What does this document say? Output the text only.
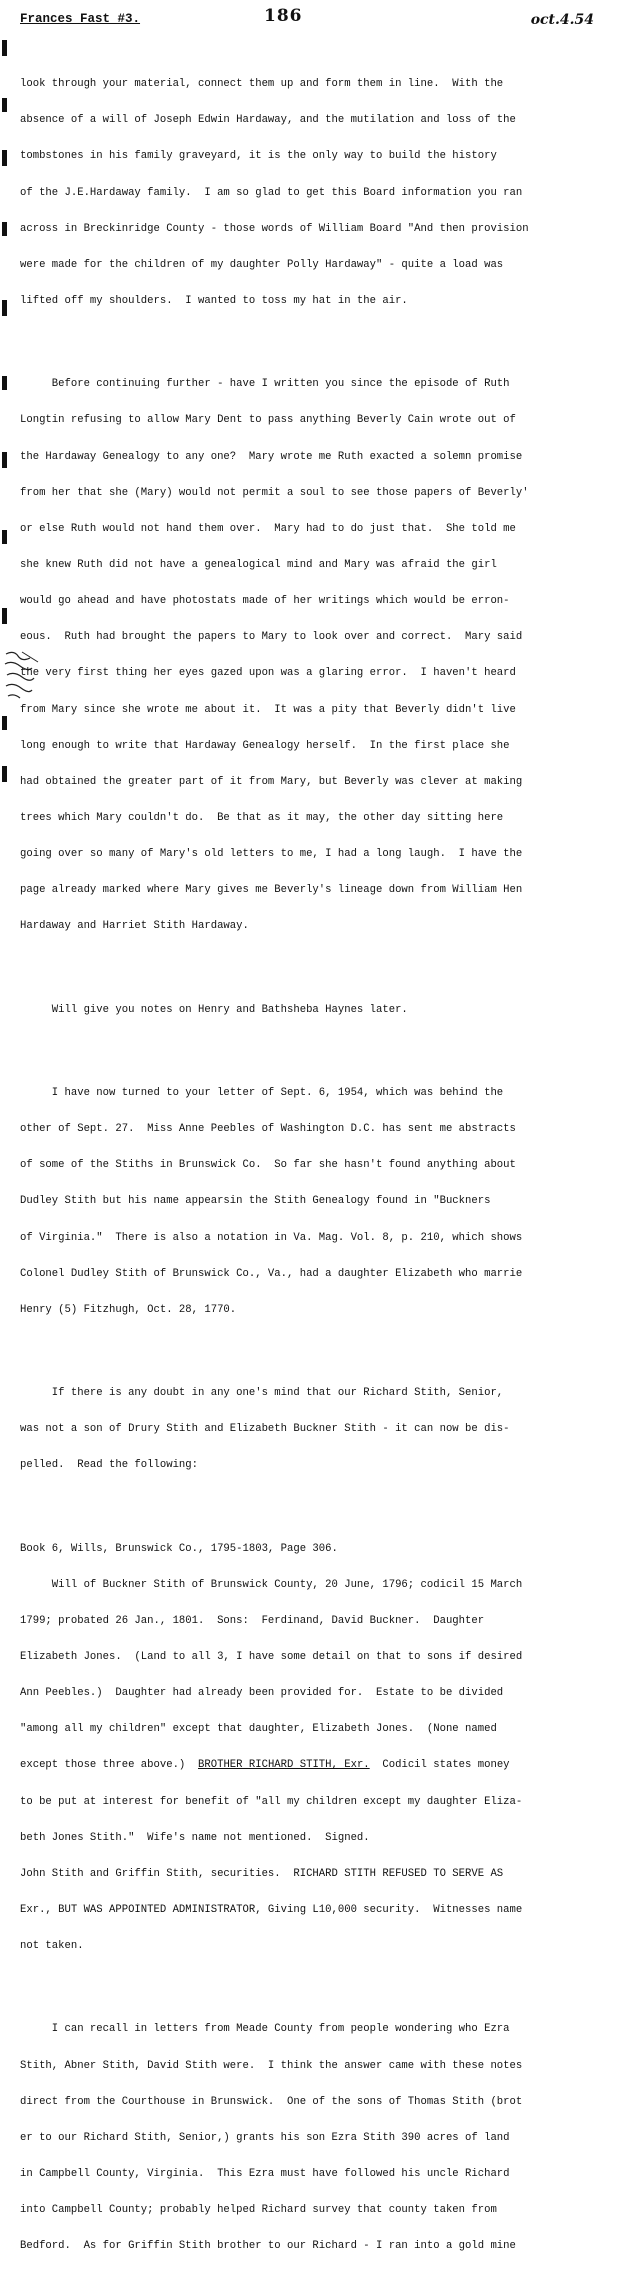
Frances Fast #3.	186	oct.4.54

look through your material, connect them up and form them in line.  With the

absence of a will of Joseph Edwin Hardaway, and the mutilation and loss of the

tombstones in his family graveyard, it is the only way to build the history

of the J.E.Hardaway family.  I am so glad to get this Board information you ran

across in Breckinridge County - those words of William Board "And then provision

were made for the children of my daughter Polly Hardaway" - quite a load was

lifted off my shoulders.  I wanted to toss my hat in the air.

Before continuing further - have I written you since the episode of Ruth

Longtin refusing to allow Mary Dent to pass anything Beverly Cain wrote out of

the Hardaway Genealogy to any one?  Mary wrote me Ruth exacted a solemn promise

from her that she (Mary) would not permit a soul to see those papers of Beverly'

or else Ruth would not hand them over.  Mary had to do just that.  She told me

she knew Ruth did not have a genealogical mind and Mary was afraid the girl

would go ahead and have photostats made of her writings which would be erron-

eous.  Ruth had brought the papers to Mary to look over and correct.  Mary said

the very first thing her eyes gazed upon was a glaring error.  I haven't heard

from Mary since she wrote me about it.  It was a pity that Beverly didn't live

long enough to write that Hardaway Genealogy herself.  In the first place she

had obtained the greater part of it from Mary, but Beverly was clever at making

trees which Mary couldn't do.  Be that as it may, the other day sitting here

going over so many of Mary's old letters to me, I had a long laugh.  I have the

page already marked where Mary gives me Beverly's lineage down from William Hen

Hardaway and Harriet Stith Hardaway.

Will give you notes on Henry and Bathsheba Haynes later.

I have now turned to your letter of Sept. 6, 1954, which was behind the

other of Sept. 27.  Miss Anne Peebles of Washington D.C. has sent me abstracts

of some of the Stiths in Brunswick Co.  So far she hasn't found anything about

Dudley Stith but his name appearsin the Stith Genealogy found in "Buckners

of Virginia."  There is also a notation in Va. Mag. Vol. 8, p. 210, which shows

Colonel Dudley Stith of Brunswick Co., Va., had a daughter Elizabeth who marrie

Henry (5) Fitzhugh, Oct. 28, 1770.

If there is any doubt in any one's mind that our Richard Stith, Senior,

was not a son of Drury Stith and Elizabeth Buckner Stith - it can now be dis-

pelled.  Read the following:

Book 6, Wills, Brunswick Co., 1795-1803, Page 306.

Will of Buckner Stith of Brunswick County, 20 June, 1796; codicil 15 March

1799; probated 26 Jan., 1801.  Sons:  Ferdinand, David Buckner.  Daughter

Elizabeth Jones.  (Land to all 3, I have some detail on that to sons if desired

Ann Peebles.)  Daughter had already been provided for.  Estate to be divided

"among all my children" except that daughter, Elizabeth Jones.  (None named

except those three above.)  BROTHER RICHARD STITH, Exr.  Codicil states money

to be put at interest for benefit of "all my children except my daughter Eliza-

beth Jones Stith."  Wife's name not mentioned.  Signed.

John Stith and Griffin Stith, securities.  RICHARD STITH REFUSED TO SERVE AS

Exr., BUT WAS APPOINTED ADMINISTRATOR, Giving L10,000 security.  Witnesses name

not taken.

I can recall in letters from Meade County from people wondering who Ezra

Stith, Abner Stith, David Stith were.  I think the answer came with these notes

direct from the Courthouse in Brunswick.  One of the sons of Thomas Stith (brot

er to our Richard Stith, Senior,) grants his son Ezra Stith 390 acres of land

in Campbell County, Virginia.  This Ezra must have followed his uncle Richard

into Campbell County; probably helped Richard survey that county taken from

Bedford.  As for Griffin Stith brother to our Richard - I ran into a gold mine
